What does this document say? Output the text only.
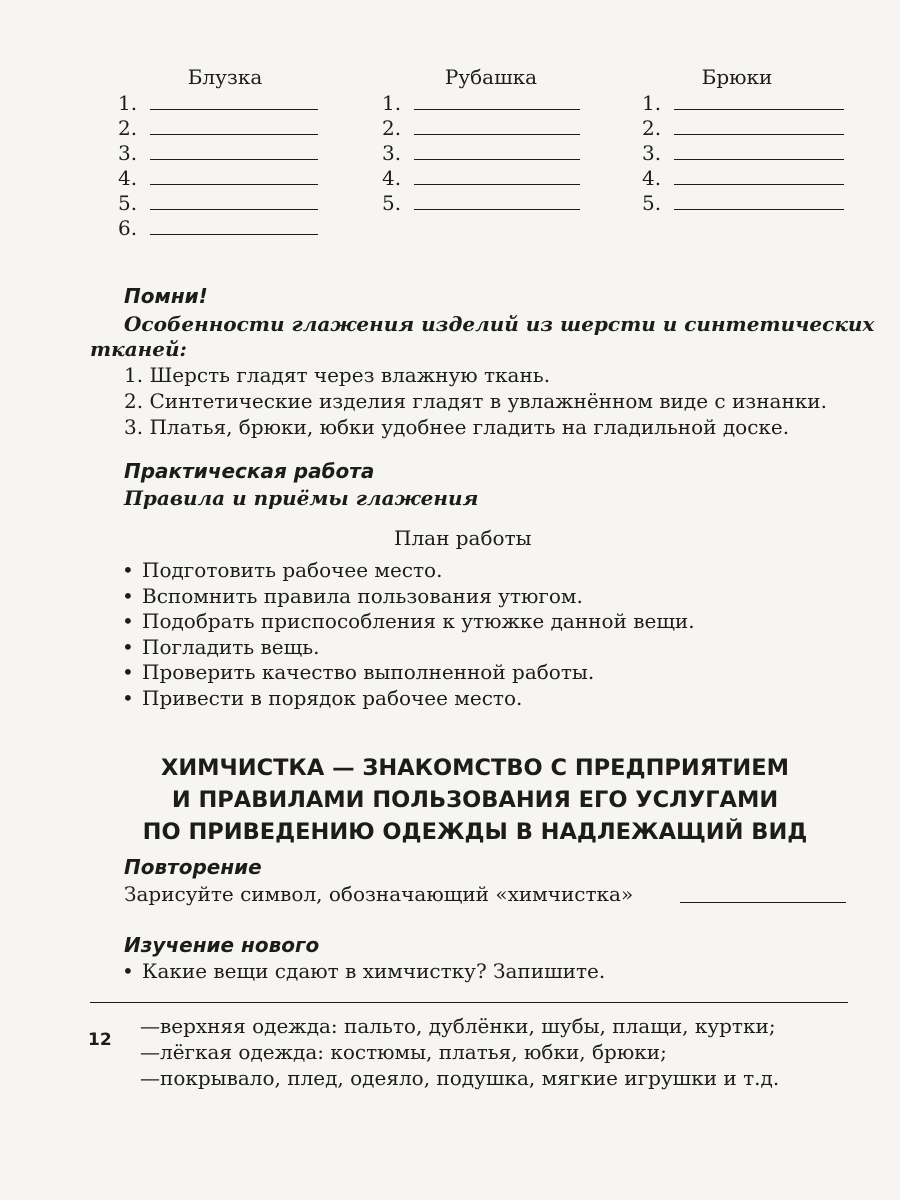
Блузка
1.
2.
3.
4.
5.
6.
Рубашка
1.
2.
3.
4.
5.
Брюки
1.
2.
3.
4.
5.
Помни!
Особенности глажения изделий из шерсти и синтетических
тканей:
1. Шерсть гладят через влажную ткань.
2. Синтетические изделия гладят в увлажнённом виде с изнанки.
3. Платья, брюки, юбки удобнее гладить на гладильной доске.
Практическая работа
Правила и приёмы глажения
План работы
• Подготовить рабочее место.
• Вспомнить правила пользования утюгом.
• Подобрать приспособления к утюжке данной вещи.
• Погладить вещь.
• Проверить качество выполненной работы.
• Привести в порядок рабочее место.
ХИМЧИСТКА — ЗНАКОМСТВО С ПРЕДПРИЯТИЕМ
И ПРАВИЛАМИ ПОЛЬЗОВАНИЯ ЕГО УСЛУГАМИ
ПО ПРИВЕДЕНИЮ ОДЕЖДЫ В НАДЛЕЖАЩИЙ ВИД
Повторение
Зарисуйте символ, обозначающий «химчистка»
Изучение нового
• Какие вещи сдают в химчистку? Запишите.
—верхняя одежда: пальто, дублёнки, шубы, плащи, куртки;
—лёгкая одежда: костюмы, платья, юбки, брюки;
—покрывало, плед, одеяло, подушка, мягкие игрушки и т.д.
12
